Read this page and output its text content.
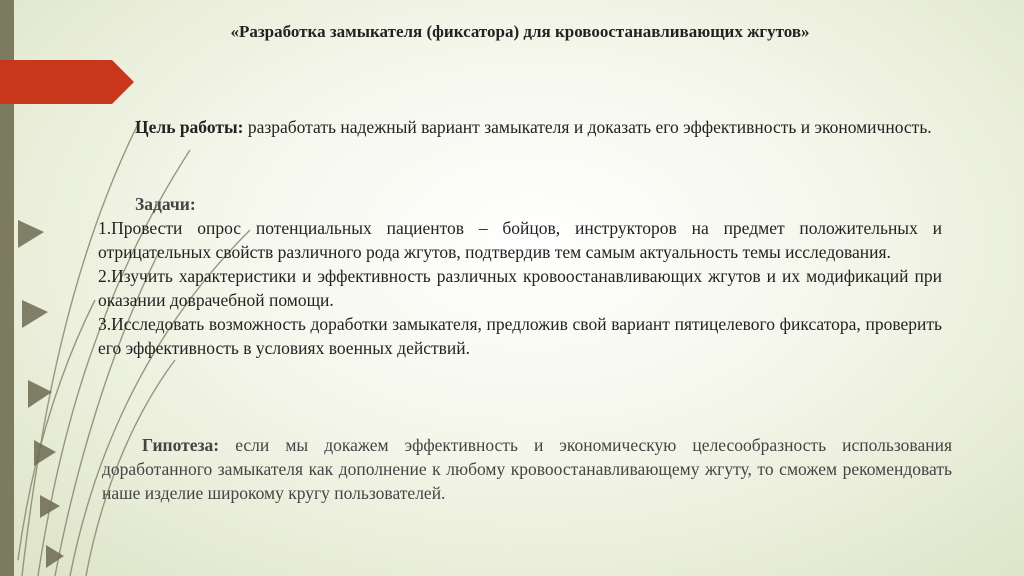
«Разработка замыкателя (фиксатора) для кровоостанавливающих жгутов»
Цель работы: разработать надежный вариант замыкателя и доказать его эффективность и экономичность.
Задачи:
1.Провести опрос потенциальных пациентов – бойцов, инструкторов на предмет положительных и отрицательных свойств различного рода жгутов, подтвердив тем самым актуальность темы исследования.
2.Изучить характеристики и эффективность различных кровоостанавливающих жгутов и их модификаций при оказании доврачебной помощи.
3.Исследовать возможность доработки замыкателя, предложив свой вариант пятицелевого фиксатора, проверить его эффективность в условиях военных действий.
Гипотеза: если мы докажем эффективность и экономическую целесообразность использования доработанного замыкателя как дополнение к любому кровоостанавливающему жгуту, то сможем рекомендовать наше изделие широкому кругу пользователей.
